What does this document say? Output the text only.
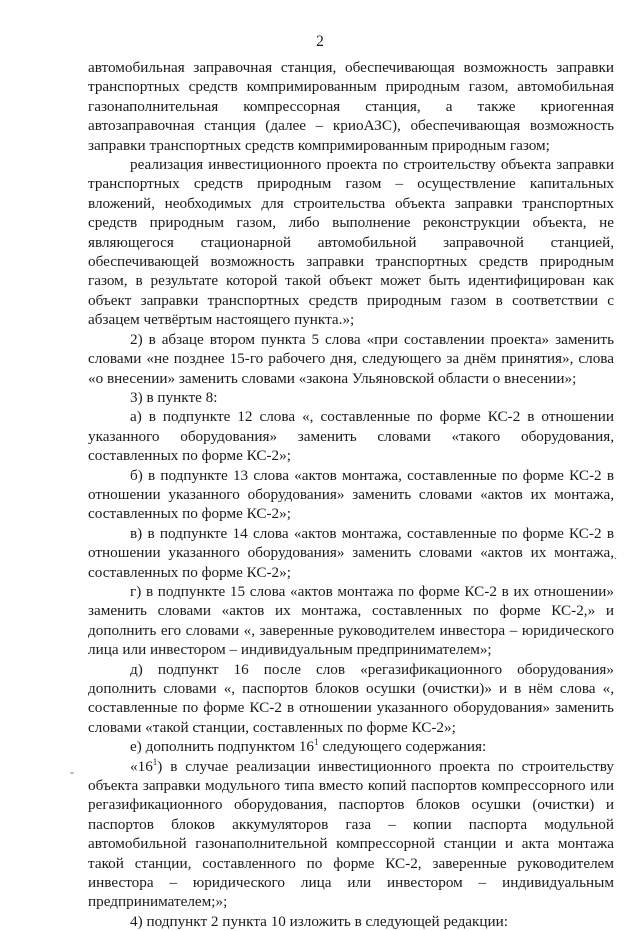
2

автомобильная заправочная станция, обеспечивающая возможность заправки транспортных средств компримированным природным газом, автомобильная газонаполнительная компрессорная станция, а также криогенная автозаправочная станция (далее – криоАЗС), обеспечивающая возможность заправки транспортных средств компримированным природным газом;

реализация инвестиционного проекта по строительству объекта заправки транспортных средств природным газом – осуществление капитальных вложений, необходимых для строительства объекта заправки транспортных средств природным газом, либо выполнение реконструкции объекта, не являющегося стационарной автомобильной заправочной станцией, обеспечивающей возможность заправки транспортных средств природным газом, в результате которой такой объект может быть идентифицирован как объект заправки транспортных средств природным газом в соответствии с абзацем четвёртым настоящего пункта.»;

2) в абзаце втором пункта 5 слова «при составлении проекта» заменить словами «не позднее 15-го рабочего дня, следующего за днём принятия», слова «о внесении» заменить словами «закона Ульяновской области о внесении»;

3) в пункте 8:

а) в подпункте 12 слова «, составленные по форме КС-2 в отношении указанного оборудования» заменить словами «такого оборудования, составленных по форме КС-2»;

б) в подпункте 13 слова «актов монтажа, составленные по форме КС-2 в отношении указанного оборудования» заменить словами «актов их монтажа, составленных по форме КС-2»;

в) в подпункте 14 слова «актов монтажа, составленные по форме КС-2 в отношении указанного оборудования» заменить словами «актов их монтажа, составленных по форме КС-2»;

г) в подпункте 15 слова «актов монтажа по форме КС-2 в их отношении» заменить словами «актов их монтажа, составленных по форме КС-2,» и дополнить его словами «, заверенные руководителем инвестора – юридического лица или инвестором – индивидуальным предпринимателем»;

д) подпункт 16 после слов «регазификационного оборудования» дополнить словами «, паспортов блоков осушки (очистки)» и в нём слова «, составленные по форме КС-2 в отношении указанного оборудования» заменить словами «такой станции, составленных по форме КС-2»;

е) дополнить подпунктом $16^1$ следующего содержания:

«$16^1$) в случае реализации инвестиционного проекта по строительству объекта заправки модульного типа вместо копий паспортов компрессорного или регазификационного оборудования, паспортов блоков осушки (очистки) и паспортов блоков аккумуляторов газа – копии паспорта модульной автомобильной газонаполнительной компрессорной станции и акта монтажа такой станции, составленного по форме КС-2, заверенные руководителем инвестора – юридического лица или инвестором – индивидуальным предпринимателем;»;

4) подпункт 2 пункта 10 изложить в следующей редакции:

-
.
